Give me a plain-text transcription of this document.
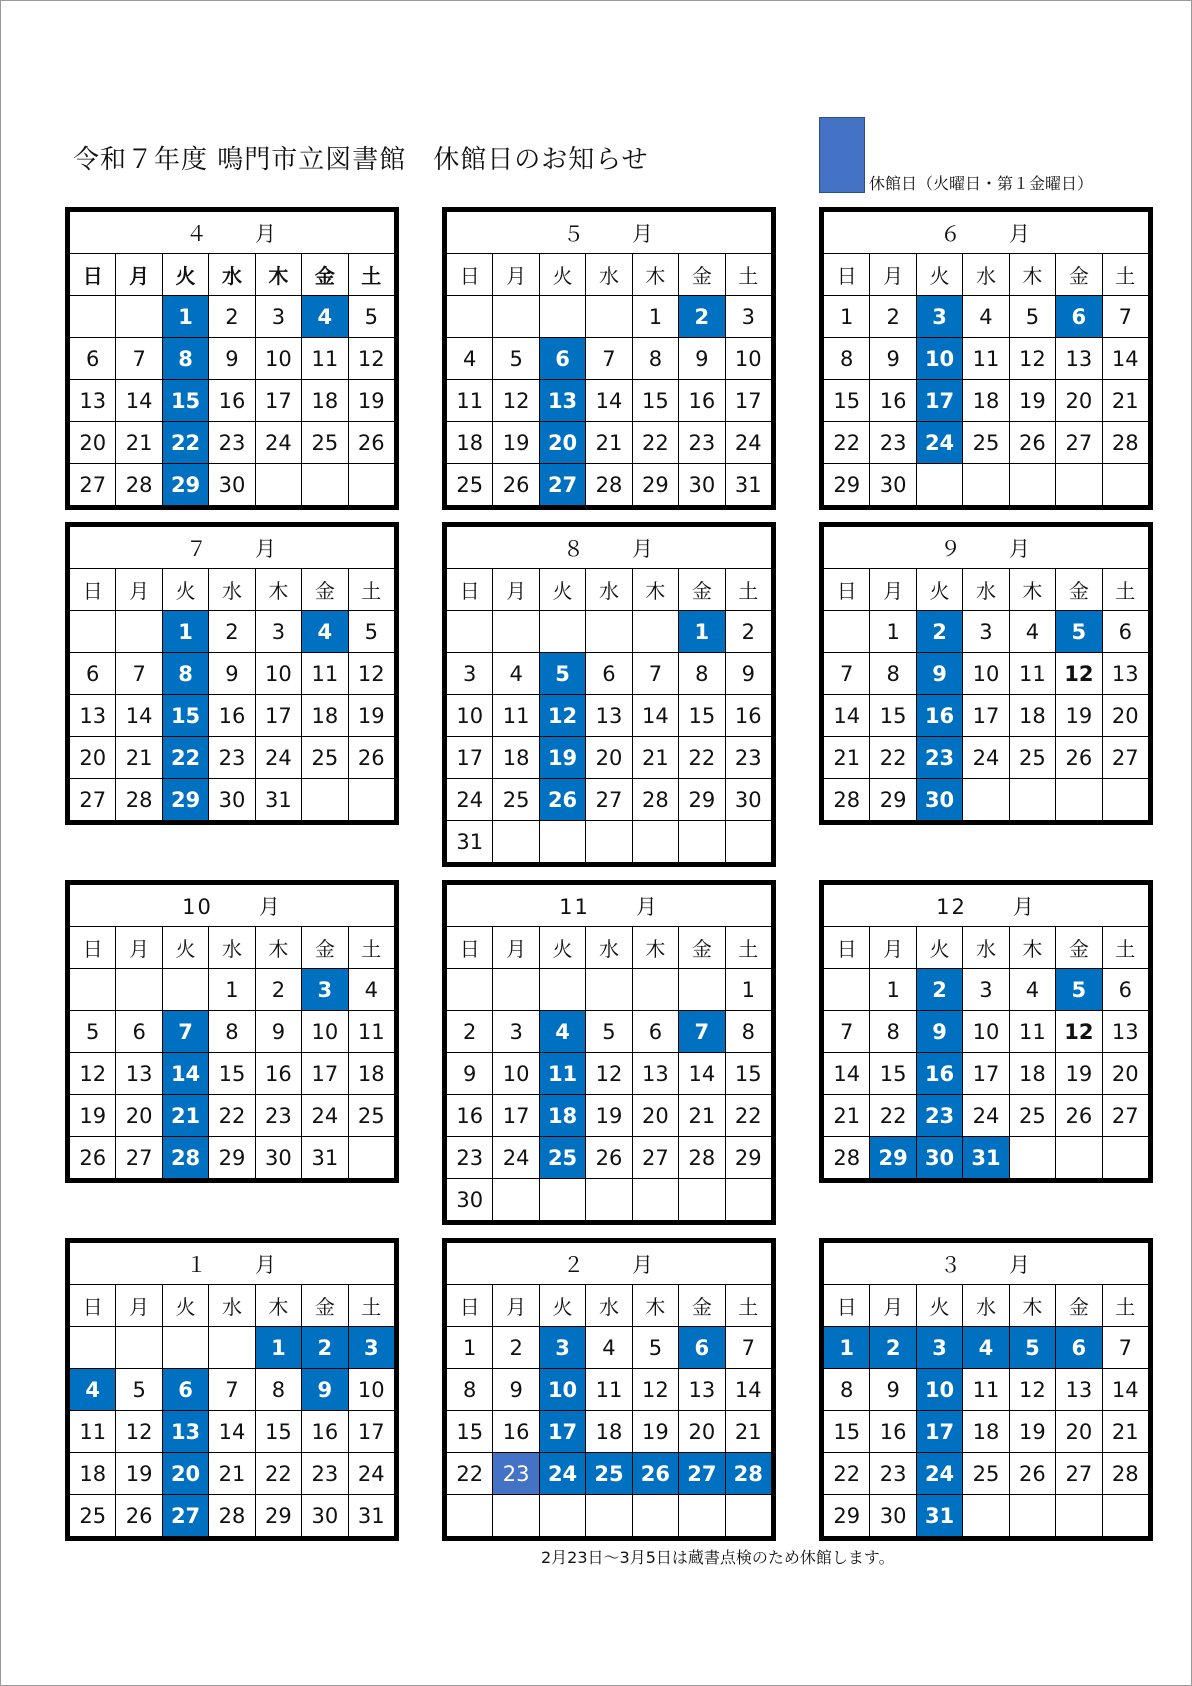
令和７年度 鳴門市立図書館　休館日のお知らせ
休館日（火曜日・第１金曜日）
４　　月						
日	月	火	水	木	金	土
		1	2	3	4	5
6	7	8	9	10	11	12
13	14	15	16	17	18	19
20	21	22	23	24	25	26
27	28	29	30			
５　　月						
日	月	火	水	木	金	土
				1	2	3
4	5	6	7	8	9	10
11	12	13	14	15	16	17
18	19	20	21	22	23	24
25	26	27	28	29	30	31
６　　月						
日	月	火	水	木	金	土
1	2	3	4	5	6	7
8	9	10	11	12	13	14
15	16	17	18	19	20	21
22	23	24	25	26	27	28
29	30					
７　　月						
日	月	火	水	木	金	土
		1	2	3	4	5
6	7	8	9	10	11	12
13	14	15	16	17	18	19
20	21	22	23	24	25	26
27	28	29	30	31		
８　　月						
日	月	火	水	木	金	土
					1	2
3	4	5	6	7	8	9
10	11	12	13	14	15	16
17	18	19	20	21	22	23
24	25	26	27	28	29	30
31						
９　　月						
日	月	火	水	木	金	土
	1	2	3	4	5	6
7	8	9	10	11	12	13
14	15	16	17	18	19	20
21	22	23	24	25	26	27
28	29	30				
10　　月						
日	月	火	水	木	金	土
			1	2	3	4
5	6	7	8	9	10	11
12	13	14	15	16	17	18
19	20	21	22	23	24	25
26	27	28	29	30	31	
11　　月						
日	月	火	水	木	金	土
						1
2	3	4	5	6	7	8
9	10	11	12	13	14	15
16	17	18	19	20	21	22
23	24	25	26	27	28	29
30						
12　　月						
日	月	火	水	木	金	土
	1	2	3	4	5	6
7	8	9	10	11	12	13
14	15	16	17	18	19	20
21	22	23	24	25	26	27
28	29	30	31			
１　　月						
日	月	火	水	木	金	土
				1	2	3
4	5	6	7	8	9	10
11	12	13	14	15	16	17
18	19	20	21	22	23	24
25	26	27	28	29	30	31
２　　月						
日	月	火	水	木	金	土
1	2	3	4	5	6	7
8	9	10	11	12	13	14
15	16	17	18	19	20	21
22	23	24	25	26	27	28

３　　月						
日	月	火	水	木	金	土
1	2	3	4	5	6	7
8	9	10	11	12	13	14
15	16	17	18	19	20	21
22	23	24	25	26	27	28
29	30	31				
2月23日～3月5日は蔵書点検のため休館します。
